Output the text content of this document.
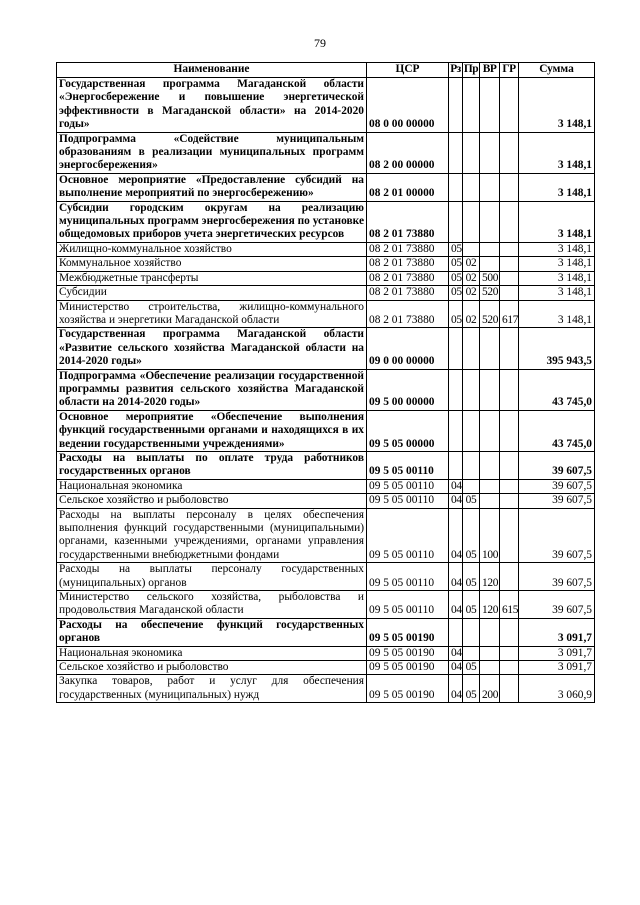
79
Наименование	ЦСР	Рз	Пр	ВР	ГР	Сумма
Государственная программа Магаданской области «Энергосбережение и повышение энергетической эффективности в Магаданской области» на 2014-2020 годы»	08 0 00 00000					3 148,1
Подпрограмма «Содействие муниципальным образованиям в реализации муниципальных программ энергосбережения»	08 2 00 00000					3 148,1
Основное мероприятие «Предоставление субсидий на выполнение мероприятий по энергосбережению»	08 2 01 00000					3 148,1
Субсидии городским округам на реализацию муниципальных программ энергосбережения по установке общедомовых приборов учета энергетических ресурсов	08 2 01 73880					3 148,1
Жилищно-коммунальное хозяйство	08 2 01 73880	05				3 148,1
Коммунальное хозяйство	08 2 01 73880	05	02			3 148,1
Межбюджетные трансферты	08 2 01 73880	05	02	500		3 148,1
Субсидии	08 2 01 73880	05	02	520		3 148,1
Министерство строительства, жилищно-коммунального хозяйства и энергетики Магаданской области	08 2 01 73880	05	02	520	617	3 148,1
Государственная программа Магаданской области «Развитие сельского хозяйства Магаданской области на 2014-2020 годы»	09 0 00 00000					395 943,5
Подпрограмма «Обеспечение реализации государственной программы развития сельского хозяйства Магаданской области на 2014-2020 годы»	09 5 00 00000					43 745,0
Основное мероприятие «Обеспечение выполнения функций государственными органами и находящихся в их ведении государственными учреждениями»	09 5 05 00000					43 745,0
Расходы на выплаты по оплате труда работников государственных органов	09 5 05 00110					39 607,5
Национальная экономика	09 5 05 00110	04				39 607,5
Сельское хозяйство и рыболовство	09 5 05 00110	04	05			39 607,5
Расходы на выплаты персоналу в целях обеспечения выполнения функций государственными (муниципальными) органами, казенными учреждениями, органами управления государственными внебюджетными фондами	09 5 05 00110	04	05	100		39 607,5
Расходы на выплаты персоналу государственных (муниципальных) органов	09 5 05 00110	04	05	120		39 607,5
Министерство сельского хозяйства, рыболовства и продовольствия Магаданской области	09 5 05 00110	04	05	120	615	39 607,5
Расходы на обеспечение функций государственных органов	09 5 05 00190					3 091,7
Национальная экономика	09 5 05 00190	04				3 091,7
Сельское хозяйство и рыболовство	09 5 05 00190	04	05			3 091,7
Закупка товаров, работ и услуг для обеспечения государственных (муниципальных) нужд	09 5 05 00190	04	05	200		3 060,9
